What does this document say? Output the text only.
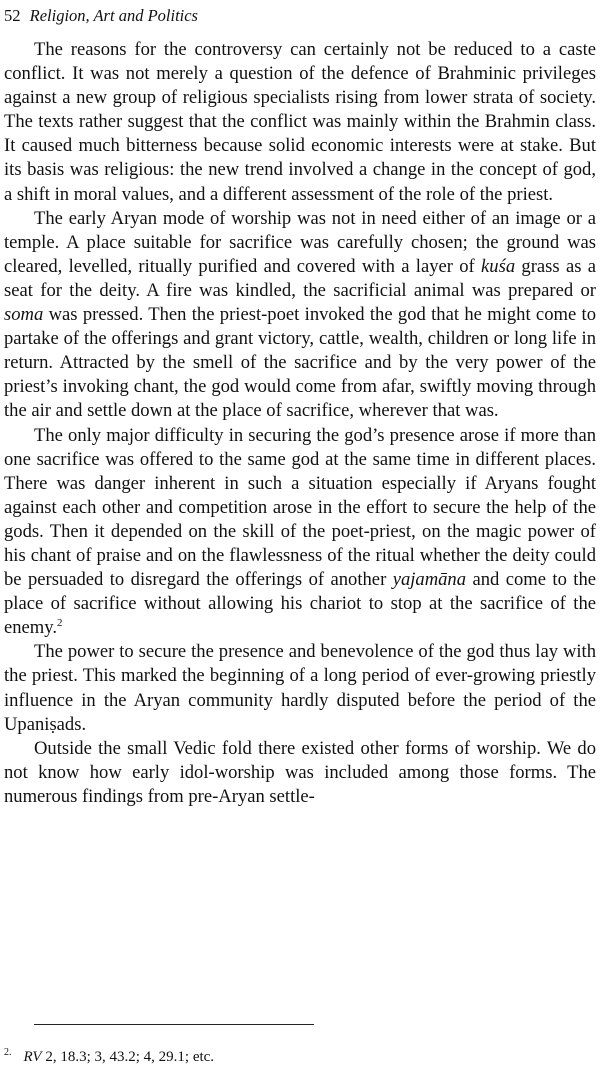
52 Religion, Art and Politics

The reasons for the controversy can certainly not be reduced to a caste conflict. It was not merely a question of the defence of Brahminic privileges against a new group of religious specialists rising from lower strata of society. The texts rather suggest that the conflict was mainly within the Brahmin class. It caused much bitterness because solid economic interests were at stake. But its basis was religious: the new trend involved a change in the concept of god, a shift in moral values, and a different assessment of the role of the priest.

The early Aryan mode of worship was not in need either of an image or a temple. A place suitable for sacrifice was carefully chosen; the ground was cleared, levelled, ritually purified and covered with a layer of kuśa grass as a seat for the deity. A fire was kindled, the sacrificial animal was prepared or soma was pressed. Then the priest-poet invoked the god that he might come to partake of the offerings and grant victory, cattle, wealth, children or long life in return. Attracted by the smell of the sacrifice and by the very power of the priest’s invoking chant, the god would come from afar, swiftly moving through the air and settle down at the place of sacrifice, wherever that was.

The only major difficulty in securing the god’s presence arose if more than one sacrifice was offered to the same god at the same time in different places. There was danger inherent in such a situation especially if Aryans fought against each other and competition arose in the effort to secure the help of the gods. Then it depended on the skill of the poet-priest, on the magic power of his chant of praise and on the flawlessness of the ritual whether the deity could be persuaded to disregard the offerings of another yajamāna and come to the place of sacrifice without allowing his chariot to stop at the sacrifice of the enemy.$^2$

The power to secure the presence and benevolence of the god thus lay with the priest. This marked the beginning of a long period of ever-growing priestly influence in the Aryan community hardly disputed before the period of the Upaniṣads.

Outside the small Vedic fold there existed other forms of worship. We do not know how early idol-worship was included among those forms. The numerous findings from pre-Aryan settle-

$^{2.}$ RV 2, 18.3; 3, 43.2; 4, 29.1; etc.
